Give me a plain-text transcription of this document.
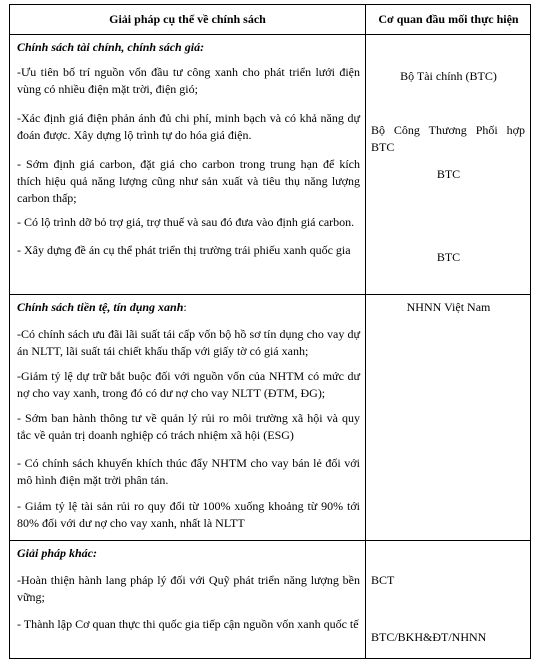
Giải pháp cụ thể về chính sách	Cơ quan đầu mối thực hiện
Chính sách tài chính, chính sách giá:
-Ưu tiên bố trí nguồn vốn đầu tư công xanh cho phát triển lưới điện vùng có nhiều điện mặt trời, điện gió;
-Xác định giá điện phản ánh đủ chi phí, minh bạch và có khả năng dự đoán được. Xây dựng lộ trình tự do hóa giá điện.
- Sớm định giá carbon, đặt giá cho carbon trong trung hạn để kích thích hiệu quả năng lượng cũng như sản xuất và tiêu thụ năng lượng carbon thấp;
- Có lộ trình dỡ bỏ trợ giá, trợ thuế và sau đó đưa vào định giá carbon.
- Xây dựng đề án cụ thể phát triển thị trường trái phiếu xanh quốc gia
Bộ Tài chính (BTC)
Bộ Công Thương Phối hợp BTC
BTC
BTC
Chính sách tiền tệ, tín dụng xanh:
-Có chính sách ưu đãi lãi suất tái cấp vốn bộ hồ sơ tín dụng cho vay dự án NLTT, lãi suất tái chiết khấu thấp với giấy tờ có giá xanh;
-Giảm tỷ lệ dự trữ bắt buộc đối với nguồn vốn của NHTM có mức dư nợ cho vay xanh, trong đó có dư nợ cho vay NLTT (ĐTM, ĐG);
- Sớm ban hành thông tư về quản lý rủi ro môi trường xã hội và quy tắc về quản trị doanh nghiệp có trách nhiệm xã hội (ESG)
- Có chính sách khuyến khích thúc đẩy NHTM cho vay bán lẻ đối với mô hình điện mặt trời phân tán.
- Giảm tỷ lệ tài sản rủi ro quy đổi từ 100% xuống khoảng từ 90% tới 80% đối với dư nợ cho vay xanh, nhất là NLTT
NHNN Việt Nam
Giải pháp khác:
-Hoàn thiện hành lang pháp lý đối với Quỹ phát triển năng lượng bền vững;
- Thành lập Cơ quan thực thi quốc gia tiếp cận nguồn vốn xanh quốc tế
BCT
BTC/BKH&ĐT/NHNN
